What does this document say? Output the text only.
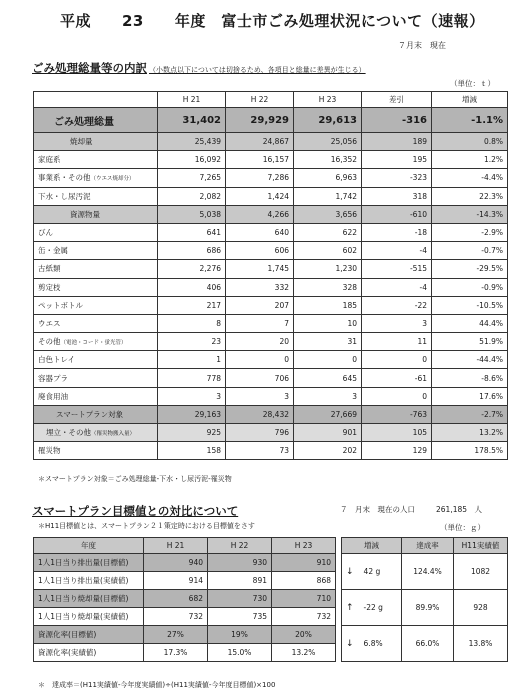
平成　　23　　年度　富士市ごみ処理状況について（速報）
７月末　現在
ごみ処理総量等の内訳 （小数点以下については切捨るため、各項目と総量に差異が生じる）
（単位：ｔ）
	H 21	H 22	H 23	差引	増減
ごみ処理総量	31,402	29,929	29,613	-316	-1.1%
焼却量	25,439	24,867	25,056	189	0.8%
家庭系	16,092	16,157	16,352	195	1.2%
事業系・その他（ウエス焼却分）	7,265	7,286	6,963	-323	-4.4%
下水・し尿汚泥	2,082	1,424	1,742	318	22.3%
資源物量	5,038	4,266	3,656	-610	-14.3%
びん	641	640	622	-18	-2.9%
缶・金属	686	606	602	-4	-0.7%
古紙類	2,276	1,745	1,230	-515	-29.5%
剪定枝	406	332	328	-4	-0.9%
ペットボトル	217	207	185	-22	-10.5%
ウエス	8	7	10	3	44.4%
その他（電池・コード・蛍光管）	23	20	31	11	51.9%
白色トレイ	1	0	0	0	-44.4%
容器プラ	778	706	645	-61	-8.6%
廃食用油	3	3	3	0	17.6%
スマートプラン対象	29,163	28,432	27,669	-763	-2.7%
埋立・その他（罹災物搬入量）	925	796	901	105	13.2%
罹災物	158	73	202	129	178.5%
＊スマートプラン対象＝ごみ処理総量‐下水・し尿汚泥‐罹災物
スマートプラン目標値との対比について	７　月末　現在の人口	261,185　人
＊H11目標値とは、スマートプラン２１策定時における目標値をさす	（単位：ｇ）
年度	H 21	H 22	H 23		増減	達成率	H11実績値
1人1日当り排出量(目標値)	940	930	910		↓ 42 g	124.4%	1082
1人1日当り排出量(実績値)	914	891	868				
1人1日当り焼却量(目標値)	682	730	710		↑ -22 g	89.9%	928
1人1日当り焼却量(実績値)	732	735	732				
資源化率(目標値)	27%	19%	20%		↓ 6.8%	66.0%	13.8%
資源化率(実績値)	17.3%	15.0%	13.2%				
＊　達成率＝(H11実績値‐今年度実績値)÷(H11実績値‐今年度目標値)×100
